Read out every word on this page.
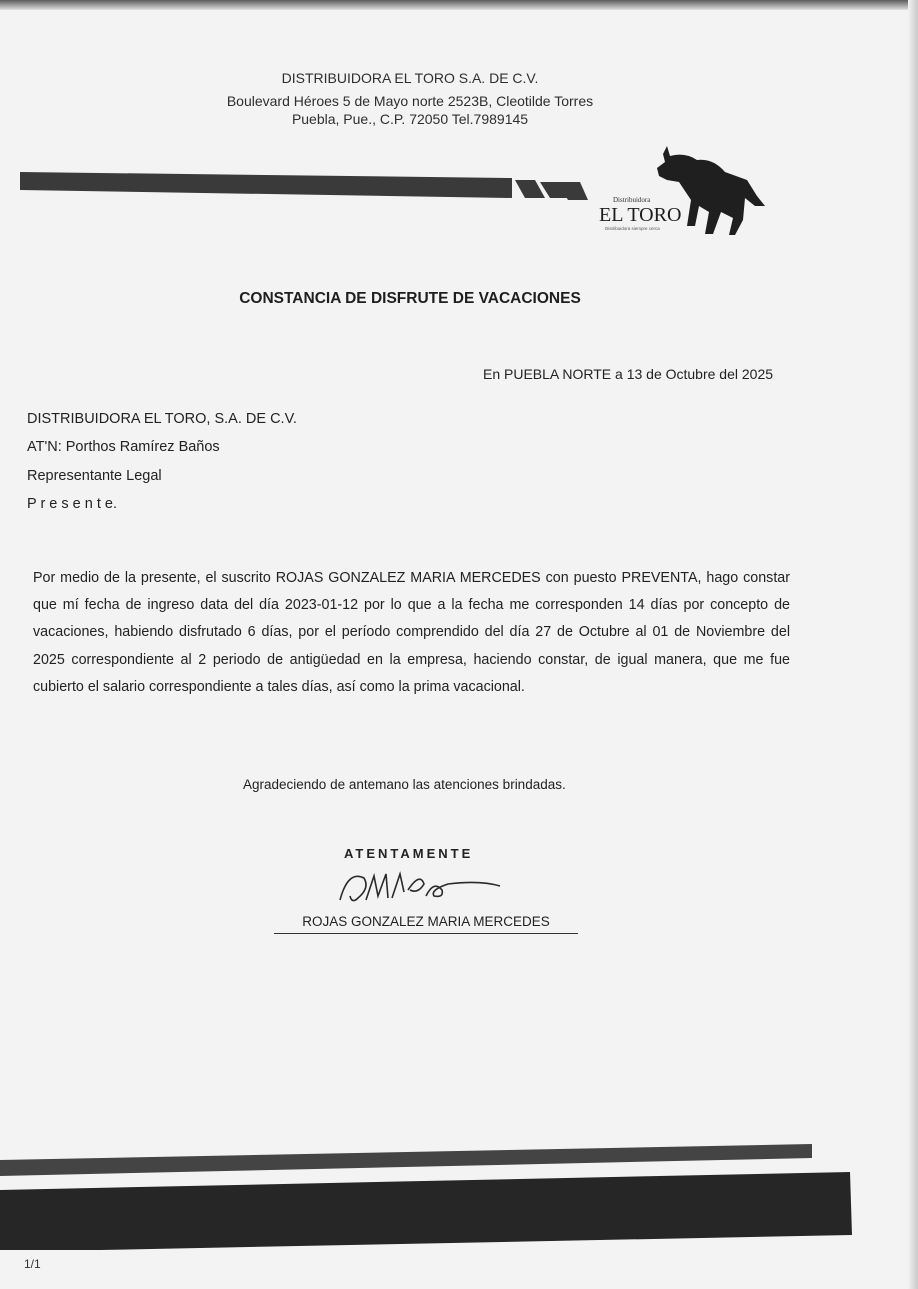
DISTRIBUIDORA EL TORO S.A. DE C.V.
Boulevard Héroes 5 de Mayo norte 2523B, Cleotilde Torres
Puebla, Pue., C.P. 72050 Tel.7989145
Distribuidora
EL TORO
Distribuidora siempre cerca
CONSTANCIA DE DISFRUTE DE VACACIONES
En PUEBLA NORTE a 13 de Octubre del 2025
DISTRIBUIDORA EL TORO, S.A. DE C.V.
AT'N: Porthos Ramírez Baños
Representante Legal
P r e s e n t e.
Por medio de la presente, el suscrito ROJAS GONZALEZ MARIA MERCEDES con puesto PREVENTA, hago constar que mí fecha de ingreso data del día 2023-01-12 por lo que a la fecha me corresponden 14 días por concepto de vacaciones, habiendo disfrutado 6 días, por el período comprendido del día 27 de Octubre al 01 de Noviembre del 2025 correspondiente al 2 periodo de antigüedad en la empresa, haciendo constar, de igual manera, que me fue cubierto el salario correspondiente a tales días, así como la prima vacacional.
Agradeciendo de antemano las atenciones brindadas.
ATENTAMENTE
ROJAS GONZALEZ MARIA MERCEDES
1/1
